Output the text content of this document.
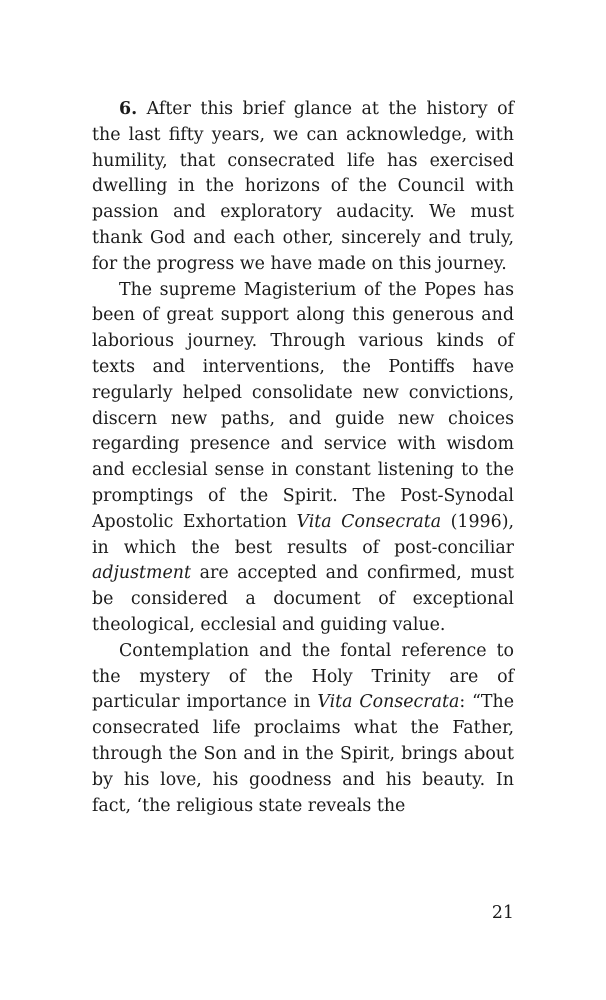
6. After this brief glance at the history of the last fifty years, we can acknowledge, with humility, that consecrated life has exercised dwelling in the horizons of the Council with passion and exploratory audacity. We must thank God and each other, sincerely and truly, for the progress we have made on this journey.

The supreme Magisterium of the Popes has been of great support along this generous and laborious journey. Through various kinds of texts and interventions, the Pontiffs have regularly helped consolidate new convictions, discern new paths, and guide new choices regarding presence and service with wisdom and ecclesial sense in constant listening to the promptings of the Spirit. The Post-Synodal Apostolic Exhortation Vita Consecrata (1996), in which the best results of post-conciliar adjustment are accepted and confirmed, must be considered a document of exceptional theological, ecclesial and guiding value.

Contemplation and the fontal reference to the mystery of the Holy Trinity are of particular importance in Vita Consecrata: “The consecrated life proclaims what the Father, through the Son and in the Spirit, brings about by his love, his goodness and his beauty. In fact, ‘the religious state reveals the

21
